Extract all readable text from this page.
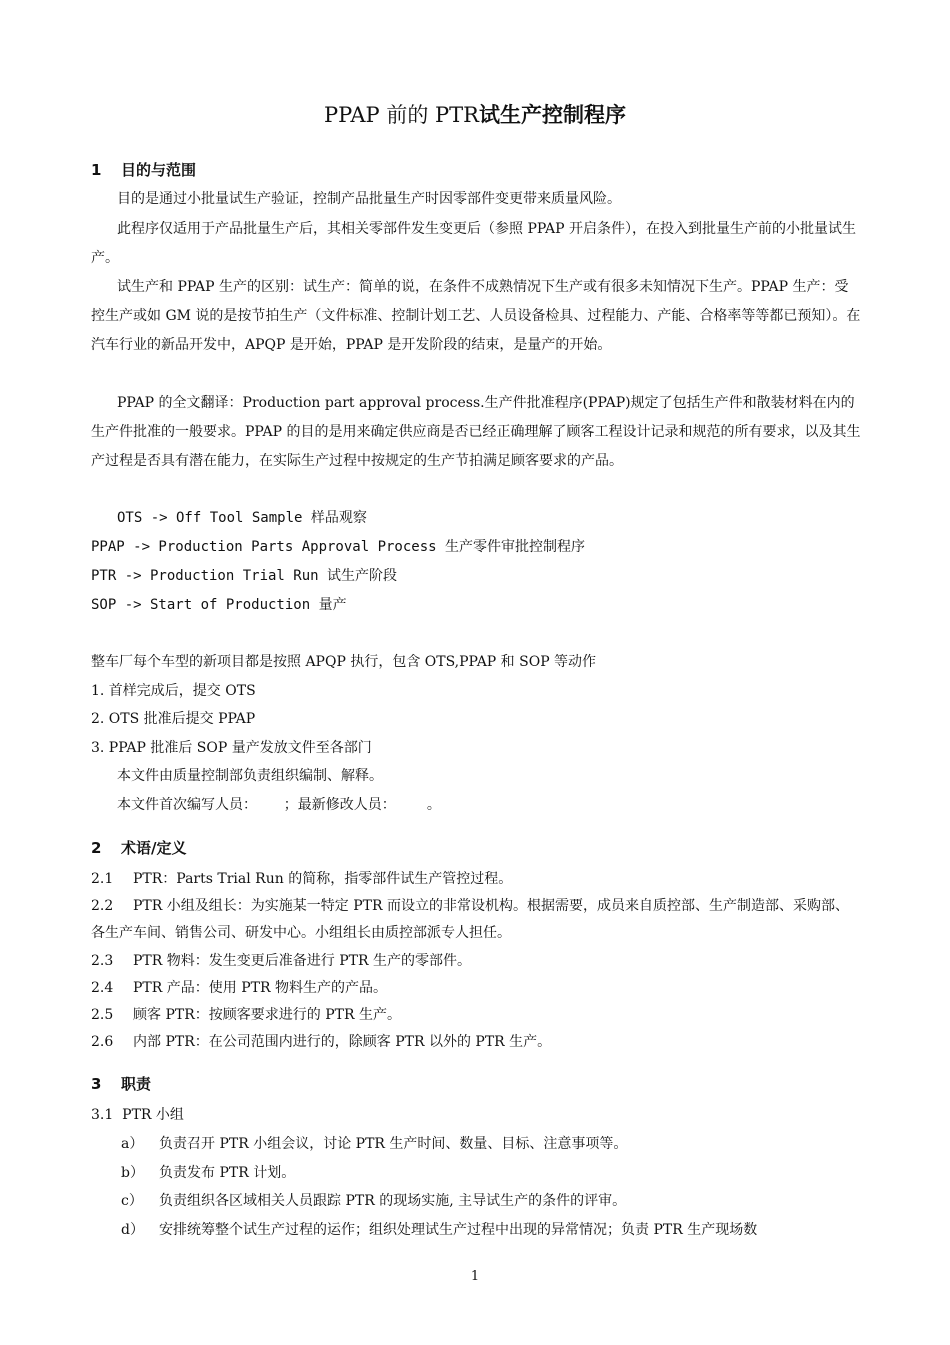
PPAP 前的 PTR试生产控制程序
1 目的与范围
目的是通过小批量试生产验证，控制产品批量生产时因零部件变更带来质量风险。
此程序仅适用于产品批量生产后，其相关零部件发生变更后（参照 PPAP 开启条件），在投入到批量生产前的小批量试生产。
试生产和 PPAP 生产的区别：试生产：简单的说，在条件不成熟情况下生产或有很多未知情况下生产。PPAP 生产：受控生产或如 GM 说的是按节拍生产（文件标准、控制计划工艺、人员设备检具、过程能力、产能、合格率等等都已预知）。在汽车行业的新品开发中，APQP 是开始，PPAP 是开发阶段的结束，是量产的开始。
PPAP 的全文翻译：Production part approval process.生产件批准程序(PPAP)规定了包括生产件和散装材料在内的生产件批准的一般要求。PPAP 的目的是用来确定供应商是否已经正确理解了顾客工程设计记录和规范的所有要求，以及其生产过程是否具有潜在能力，在实际生产过程中按规定的生产节拍满足顾客要求的产品。
OTS -> Off Tool Sample 样品观察
PPAP -> Production Parts Approval Process 生产零件审批控制程序
PTR -> Production Trial Run 试生产阶段
SOP -> Start of Production 量产
整车厂每个车型的新项目都是按照 APQP 执行，包含 OTS,PPAP 和 SOP 等动作
1. 首样完成后，提交 OTS
2. OTS 批准后提交 PPAP
3. PPAP 批准后 SOP 量产发放文件至各部门
本文件由质量控制部负责组织编制、解释。
本文件首次编写人员：      ；最新修改人员：       。
2 术语/定义
2.1 PTR：Parts Trial Run 的简称，指零部件试生产管控过程。
2.2 PTR 小组及组长：为实施某一特定 PTR 而设立的非常设机构。根据需要，成员来自质控部、生产制造部、采购部、各生产车间、销售公司、研发中心。小组组长由质控部派专人担任。
2.3 PTR 物料：发生变更后准备进行 PTR 生产的零部件。
2.4 PTR 产品：使用 PTR 物料生产的产品。
2.5 顾客 PTR：按顾客要求进行的 PTR 生产。
2.6 内部 PTR：在公司范围内进行的，除顾客 PTR 以外的 PTR 生产。
3 职责
3.1  PTR 小组
a） 负责召开 PTR 小组会议，讨论 PTR 生产时间、数量、目标、注意事项等。
b） 负责发布 PTR 计划。
c） 负责组织各区域相关人员跟踪 PTR 的现场实施, 主导试生产的条件的评审。
d） 安排统筹整个试生产过程的运作；组织处理试生产过程中出现的异常情况；负责 PTR 生产现场数
1
